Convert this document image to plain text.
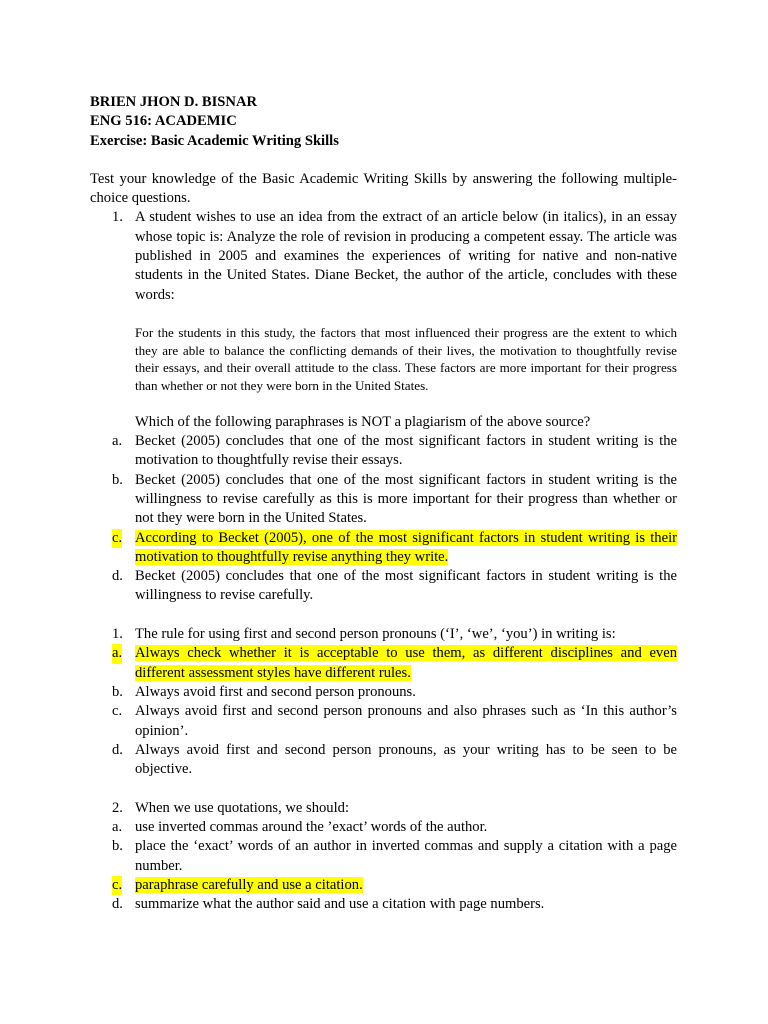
BRIEN JHON D. BISNAR
ENG 516: ACADEMIC
Exercise: Basic Academic Writing Skills
Test your knowledge of the Basic Academic Writing Skills by answering the following multiple-choice questions.
1. A student wishes to use an idea from the extract of an article below (in italics), in an essay whose topic is: Analyze the role of revision in producing a competent essay. The article was published in 2005 and examines the experiences of writing for native and non-native students in the United States. Diane Becket, the author of the article, concludes with these words:
For the students in this study, the factors that most influenced their progress are the extent to which they are able to balance the conflicting demands of their lives, the motivation to thoughtfully revise their essays, and their overall attitude to the class. These factors are more important for their progress than whether or not they were born in the United States.
Which of the following paraphrases is NOT a plagiarism of the above source?
a. Becket (2005) concludes that one of the most significant factors in student writing is the motivation to thoughtfully revise their essays.
b. Becket (2005) concludes that one of the most significant factors in student writing is the willingness to revise carefully as this is more important for their progress than whether or not they were born in the United States.
c. According to Becket (2005), one of the most significant factors in student writing is their motivation to thoughtfully revise anything they write.
d. Becket (2005) concludes that one of the most significant factors in student writing is the willingness to revise carefully.
1. The rule for using first and second person pronouns (‘I’, ‘we’, ‘you’) in writing is:
a. Always check whether it is acceptable to use them, as different disciplines and even different assessment styles have different rules.
b. Always avoid first and second person pronouns.
c. Always avoid first and second person pronouns and also phrases such as ‘In this author’s opinion’.
d. Always avoid first and second person pronouns, as your writing has to be seen to be objective.
2. When we use quotations, we should:
a. use inverted commas around the ’exact’ words of the author.
b. place the ‘exact’ words of an author in inverted commas and supply a citation with a page number.
c. paraphrase carefully and use a citation.
d. summarize what the author said and use a citation with page numbers.
